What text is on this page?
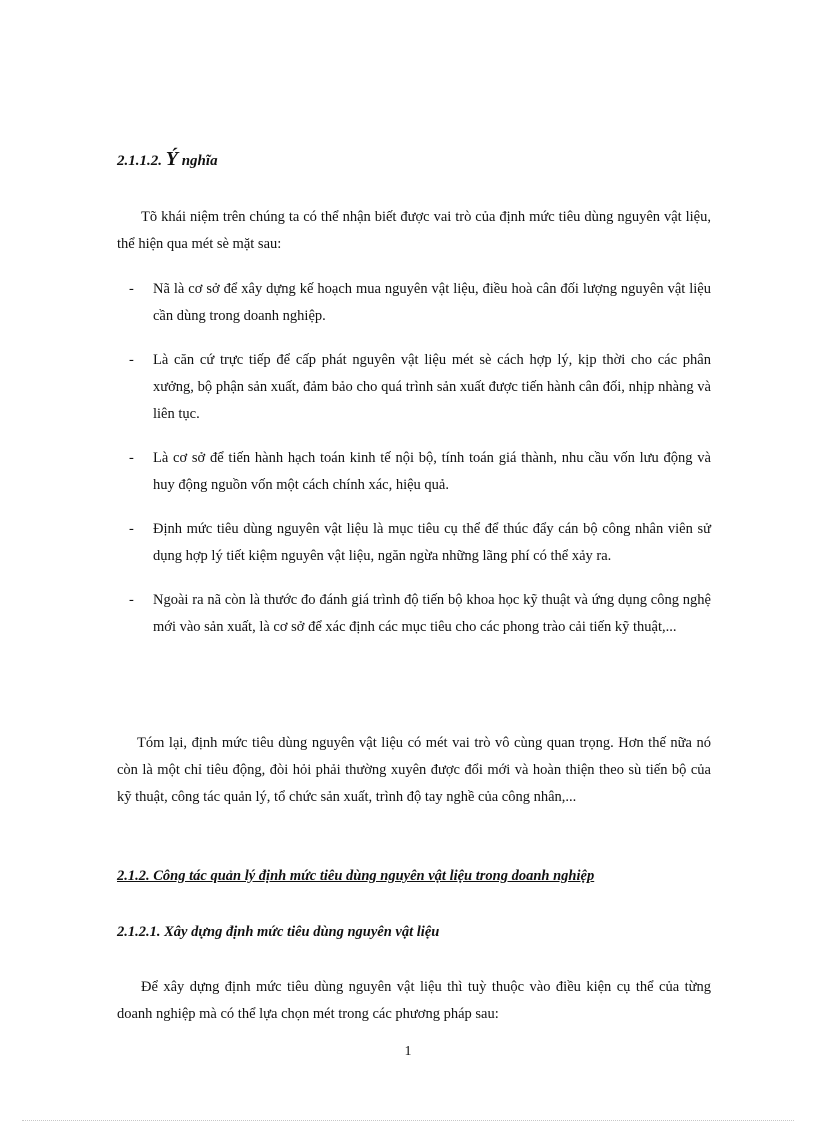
2.1.1.2. Ý nghĩa

Tõ khái niệm trên chúng ta có thể nhận biết được vai trò của định mức tiêu dùng nguyên vật liệu, thể hiện qua mét sè mặt sau:

- Nã là cơ sở để xây dựng kế hoạch mua nguyên vật liệu, điều hoà cân đối lượng nguyên vật liệu cần dùng trong doanh nghiệp.
- Là căn cứ trực tiếp để cấp phát nguyên vật liệu mét sè cách hợp lý, kịp thời cho các phân xưởng, bộ phận sản xuất, đảm bảo cho quá trình sản xuất được tiến hành cân đối, nhịp nhàng và liên tục.
- Là cơ sở để tiến hành hạch toán kinh tế nội bộ, tính toán giá thành, nhu cầu vốn lưu động và huy động nguồn vốn một cách chính xác, hiệu quả.
- Định mức tiêu dùng nguyên vật liệu là mục tiêu cụ thể để thúc đẩy cán bộ công nhân viên sử dụng hợp lý tiết kiệm nguyên vật liệu, ngăn ngừa những lãng phí có thể xảy ra.
- Ngoài ra nã còn là thước đo đánh giá trình độ tiến bộ khoa học kỹ thuật và ứng dụng công nghệ mới vào sản xuất, là cơ sở để xác định các mục tiêu cho các phong trào cải tiến kỹ thuật,...

Tóm lại, định mức tiêu dùng nguyên vật liệu có mét vai trò vô cùng quan trọng. Hơn thế nữa nó còn là một chỉ tiêu động, đòi hỏi phải thường xuyên được đổi mới và hoàn thiện theo sù tiến bộ của kỹ thuật, công tác quản lý, tổ chức sản xuất, trình độ tay nghề của công nhân,...

2.1.2. Công tác quản lý định mức tiêu dùng nguyên vật liệu trong doanh nghiệp
2.1.2.1. Xây dựng định mức tiêu dùng nguyên vật liệu

Để xây dựng định mức tiêu dùng nguyên vật liệu thì tuỳ thuộc vào điều kiện cụ thể của từng doanh nghiệp mà có thể lựa chọn mét trong các phương pháp sau:

1
